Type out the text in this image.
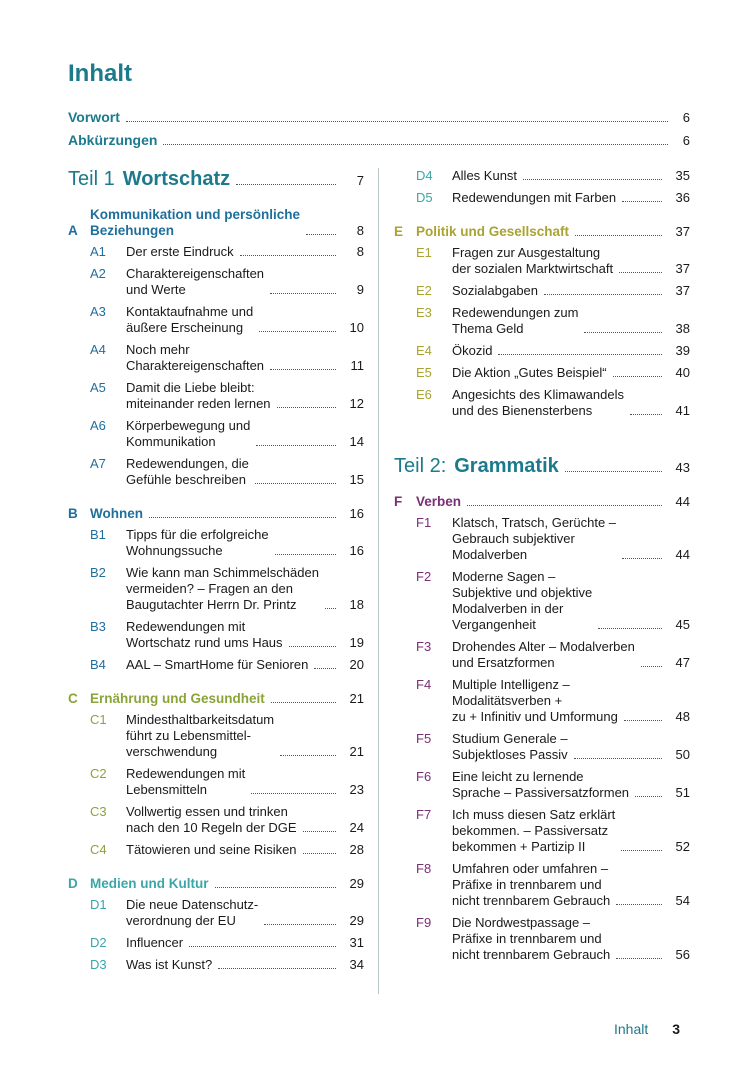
Inhalt
Vorwort	6
Abkürzungen	6
Teil 1 Wortschatz	7
A
Kommunikation und persönliche
Beziehungen	8
A1	Der erste Eindruck	8
A2	Charaktereigenschaften
und Werte	9
A3	Kontaktaufnahme und
äußere Erscheinung	10
A4	Noch mehr
Charaktereigenschaften	11
A5	Damit die Liebe bleibt:
miteinander reden lernen	12
A6	Körperbewegung und
Kommunikation	14
A7	Redewendungen, die
Gefühle beschreiben	15
B Wohnen	16
B1	Tipps für die erfolgreiche
Wohnungssuche	16
B2	Wie kann man Schimmelschäden
vermeiden? – Fragen an den
Baugutachter Herrn Dr. Printz	18
B3	Redewendungen mit
Wortschatz rund ums Haus	19
B4	AAL – SmartHome für Senioren	20
C Ernährung und Gesundheit	21
C1	Mindesthaltbarkeitsdatum
führt zu Lebensmittel-
verschwendung	21
C2	Redewendungen mit
Lebensmitteln	23
C3	Vollwertig essen und trinken
nach den 10 Regeln der DGE	24
C4	Tätowieren und seine Risiken	28
D Medien und Kultur	29
D1	Die neue Datenschutz-
verordnung der EU	29
D2	Influencer	31
D3	Was ist Kunst?	34
D4	Alles Kunst	35
D5	Redewendungen mit Farben	36
E Politik und Gesellschaft	37
E1	Fragen zur Ausgestaltung
der sozialen Marktwirtschaft	37
E2	Sozialabgaben	37
E3	Redewendungen zum
Thema Geld	38
E4	Ökozid	39
E5	Die Aktion „Gutes Beispiel“	40
E6	Angesichts des Klimawandels
und des Bienensterbens	41
Teil 2: Grammatik	43
F	Verben	44
F1	Klatsch, Tratsch, Gerüchte –
Gebrauch subjektiver
Modalverben	44
F2	Moderne Sagen –
Subjektive und objektive
Modalverben in der
Vergangenheit	45
F3	Drohendes Alter – Modalverben
und Ersatzformen	47
F4	Multiple Intelligenz –
Modalitätsverben +
zu + Infinitiv und Umformung	48
F5	Studium Generale –
Subjektloses Passiv	50
F6	Eine leicht zu lernende
Sprache – Passiversatzformen	51
F7	Ich muss diesen Satz erklärt
bekommen. – Passiversatz
bekommen + Partizip II	52
F8	Umfahren oder umfahren –
Präfixe in trennbarem und
nicht trennbarem Gebrauch	54
F9	Die Nordwestpassage –
Präfixe in trennbarem und
nicht trennbarem Gebrauch	56
Inhalt 3
